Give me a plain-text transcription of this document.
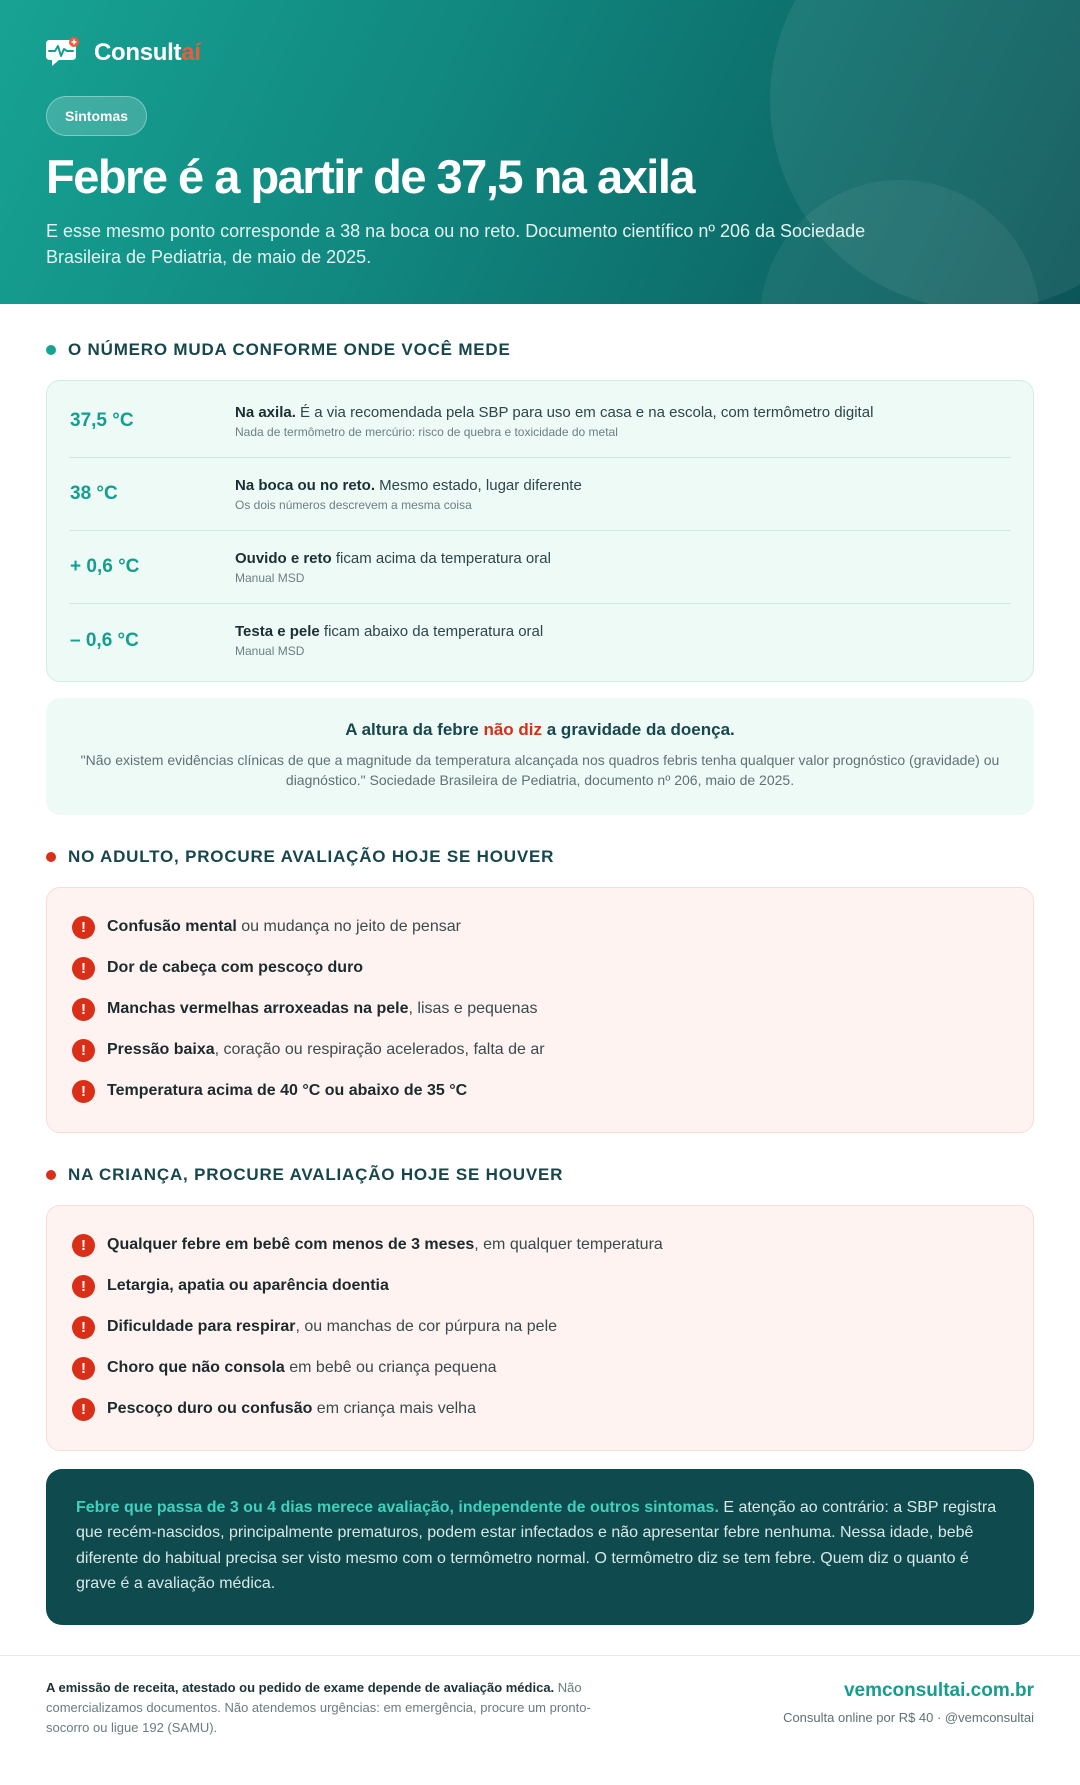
Consultaí
Sintomas
Febre é a partir de 37,5 na axila

E esse mesmo ponto corresponde a 38 na boca ou no reto. Documento científico nº 206 da Sociedade Brasileira de Pediatria, de maio de 2025.

O NÚMERO MUDA CONFORME ONDE VOCÊ MEDE
37,5 °C	Na axila. É a via recomendada pela SBP para uso em casa e na escola, com termômetro digital
Nada de termômetro de mercúrio: risco de quebra e toxicidade do metal
38 °C	Na boca ou no reto. Mesmo estado, lugar diferente
Os dois números descrevem a mesma coisa
+ 0,6 °C	Ouvido e reto ficam acima da temperatura oral
Manual MSD
– 0,6 °C	Testa e pele ficam abaixo da temperatura oral
Manual MSD
A altura da febre não diz a gravidade da doença.
"Não existem evidências clínicas de que a magnitude da temperatura alcançada nos quadros febris tenha qualquer valor prognóstico (gravidade) ou diagnóstico." Sociedade Brasileira de Pediatria, documento nº 206, maio de 2025.
NO ADULTO, PROCURE AVALIAÇÃO HOJE SE HOUVER
!	Confusão mental ou mudança no jeito de pensar
!	Dor de cabeça com pescoço duro
!	Manchas vermelhas arroxeadas na pele, lisas e pequenas
!	Pressão baixa, coração ou respiração acelerados, falta de ar
!	Temperatura acima de 40 °C ou abaixo de 35 °C
NA CRIANÇA, PROCURE AVALIAÇÃO HOJE SE HOUVER
!	Qualquer febre em bebê com menos de 3 meses, em qualquer temperatura
!	Letargia, apatia ou aparência doentia
!	Dificuldade para respirar, ou manchas de cor púrpura na pele
!	Choro que não consola em bebê ou criança pequena
!	Pescoço duro ou confusão em criança mais velha
Febre que passa de 3 ou 4 dias merece avaliação, independente de outros sintomas. E atenção ao contrário: a SBP registra que recém-nascidos, principalmente prematuros, podem estar infectados e não apresentar febre nenhuma. Nessa idade, bebê diferente do habitual precisa ser visto mesmo com o termômetro normal. O termômetro diz se tem febre. Quem diz o quanto é grave é a avaliação médica.
A emissão de receita, atestado ou pedido de exame depende de avaliação médica. Não comercializamos documentos. Não atendemos urgências: em emergência, procure um pronto-socorro ou ligue 192 (SAMU).
vemconsultai.com.br
Consulta online por R$ 40 · @vemconsultai
